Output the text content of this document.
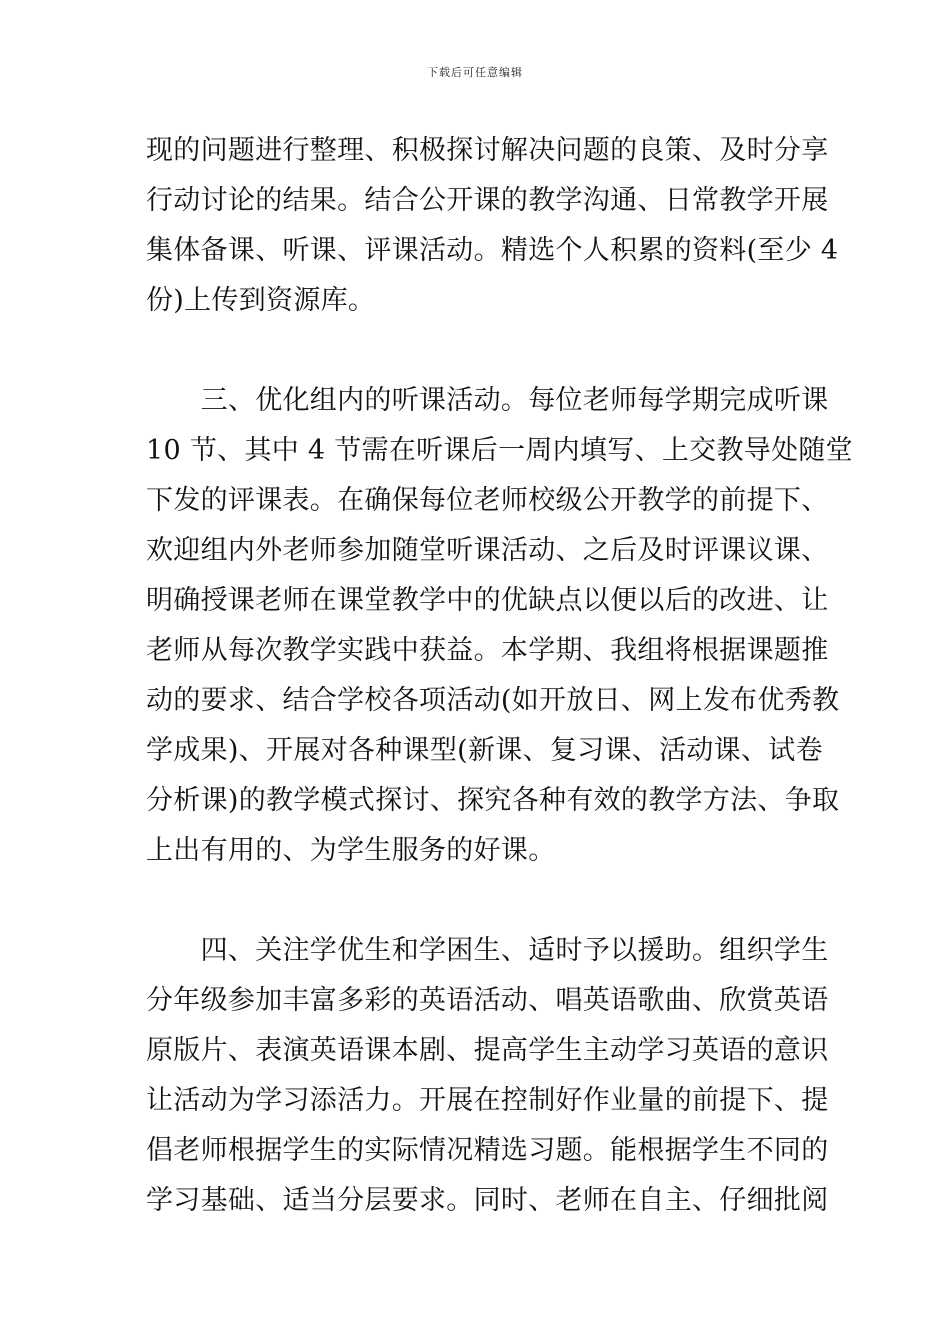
下载后可任意编辑
现的问题进行整理、积极探讨解决问题的良策、及时分享
行动讨论的结果。结合公开课的教学沟通、日常教学开展
集体备课、听课、评课活动。精选个人积累的资料(至少 4
份)上传到资源库。
　　三、优化组内的听课活动。每位老师每学期完成听课
10 节、其中 4 节需在听课后一周内填写、上交教导处随堂
下发的评课表。在确保每位老师校级公开教学的前提下、
欢迎组内外老师参加随堂听课活动、之后及时评课议课、
明确授课老师在课堂教学中的优缺点以便以后的改进、让
老师从每次教学实践中获益。本学期、我组将根据课题推
动的要求、结合学校各项活动(如开放日、网上发布优秀教
学成果)、开展对各种课型(新课、复习课、活动课、试卷
分析课)的教学模式探讨、探究各种有效的教学方法、争取
上出有用的、为学生服务的好课。
　　四、关注学优生和学困生、适时予以援助。组织学生
分年级参加丰富多彩的英语活动、唱英语歌曲、欣赏英语
原版片、表演英语课本剧、提高学生主动学习英语的意识
让活动为学习添活力。开展在控制好作业量的前提下、提
倡老师根据学生的实际情况精选习题。能根据学生不同的
学习基础、适当分层要求。同时、老师在自主、仔细批阅
